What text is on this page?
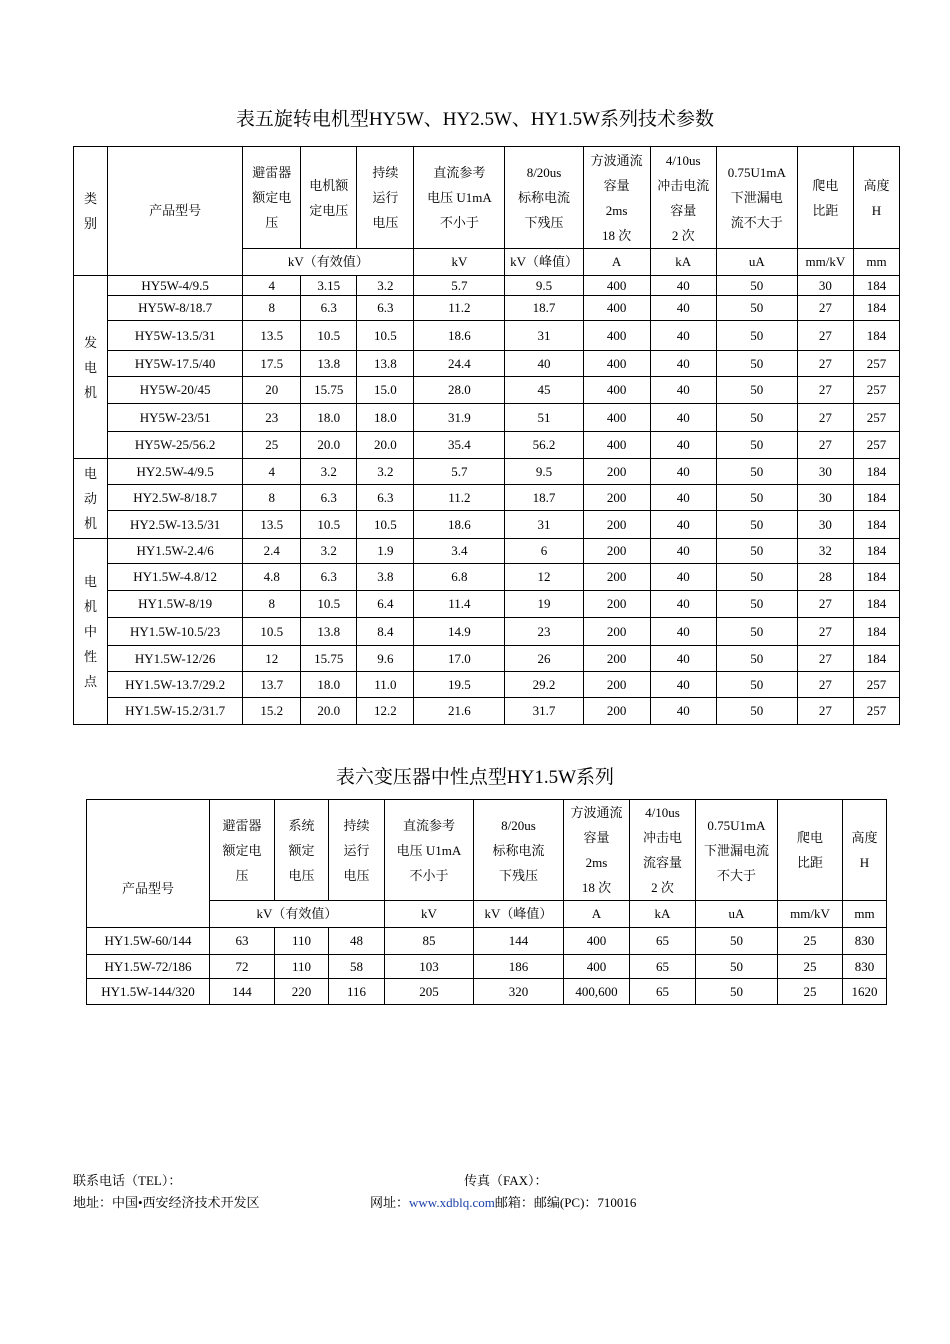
表五旋转电机型HY5W、HY2.5W、HY1.5W系列技术参数
类
别	产品型号	避雷器
额定电
压	电机额
定电压	持续
运行
电压	直流参考
电压 U1mA
不小于	8/20us
标称电流
下残压	方波通流
容量
2ms
18 次	4/10us
冲击电流
容量
2 次	0.75U1mA
下泄漏电
流不大于	爬电
比距	高度
H

		kV（有效值）			kV	kV（峰值）	A	kA	uA	mm/kV	mm
发
电
机	HY5W-4/9.5	4	3.15	3.2	5.7	9.5	400	40	50	30	184
	HY5W-8/18.7	8	6.3	6.3	11.2	18.7	400	40	50	27	184
	HY5W-13.5/31	13.5	10.5	10.5	18.6	31	400	40	50	27	184
	HY5W-17.5/40	17.5	13.8	13.8	24.4	40	400	40	50	27	257
	HY5W-20/45	20	15.75	15.0	28.0	45	400	40	50	27	257
	HY5W-23/51	23	18.0	18.0	31.9	51	400	40	50	27	257
	HY5W-25/56.2	25	20.0	20.0	35.4	56.2	400	40	50	27	257
电
动
机	HY2.5W-4/9.5	4	3.2	3.2	5.7	9.5	200	40	50	30	184
	HY2.5W-8/18.7	8	6.3	6.3	11.2	18.7	200	40	50	30	184
	HY2.5W-13.5/31	13.5	10.5	10.5	18.6	31	200	40	50	30	184
电
机
中
性
点	HY1.5W-2.4/6	2.4	3.2	1.9	3.4	6	200	40	50	32	184
	HY1.5W-4.8/12	4.8	6.3	3.8	6.8	12	200	40	50	28	184
	HY1.5W-8/19	8	10.5	6.4	11.4	19	200	40	50	27	184
	HY1.5W-10.5/23	10.5	13.8	8.4	14.9	23	200	40	50	27	184
	HY1.5W-12/26	12	15.75	9.6	17.0	26	200	40	50	27	184
	HY1.5W-13.7/29.2	13.7	18.0	11.0	19.5	29.2	200	40	50	27	257
	HY1.5W-15.2/31.7	15.2	20.0	12.2	21.6	31.7	200	40	50	27	257
表六变压器中性点型HY1.5W系列
产品型号	避雷器
额定电
压	系统
额定
电压	持续
运行
电压	直流参考
电压 U1mA
不小于	8/20us
标称电流
下残压	方波通流
容量
2ms
18 次	4/10us
冲击电
流容量
2 次	0.75U1mA
下泄漏电流
不大于	爬电
比距	高度
H

	kV（有效值）			kV	kV（峰值）	A	kA	uA	mm/kV	mm
HY1.5W-60/144	63	110	48	85	144	400	65	50	25	830
HY1.5W-72/186	72	110	58	103	186	400	65	50	25	830
HY1.5W-144/320	144	220	116	205	320	400,600	65	50	25	1620
联系电话（TEL）：	传真（FAX）：
地址：中国•西安经济技术开发区	网址：www.xdblq.com邮箱：邮编(PC)：710016
